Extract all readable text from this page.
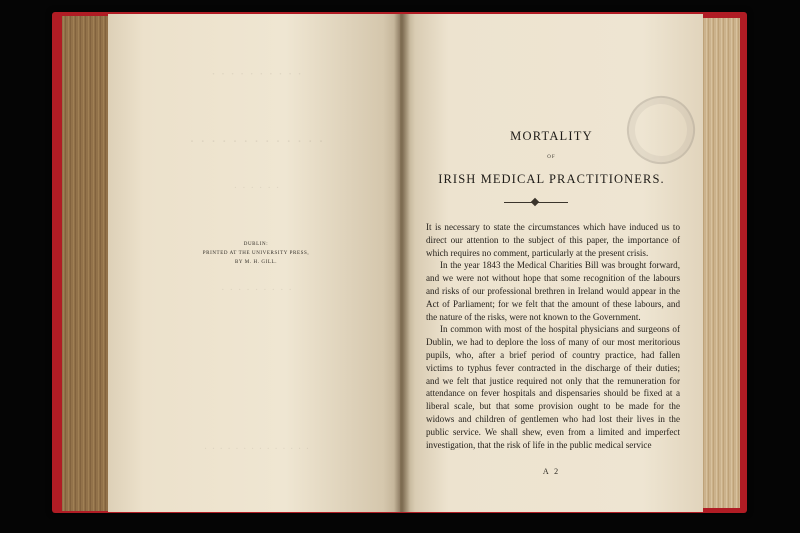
· · · · · · · · · ·
· · · · · · · · · · · · ·
· · · · · ·
· · · · · · · · ·
· · · · · · · · · · · · · ·
DUBLIN:
PRINTED AT THE UNIVERSITY PRESS,
BY M. H. GILL.
MORTALITY
OF
IRISH MEDICAL PRACTITIONERS.

It is necessary to state the circumstances which have induced us to direct our attention to the subject of this paper, the importance of which requires no comment, particularly at the present crisis.

In the year 1843 the Medical Charities Bill was brought forward, and we were not without hope that some recognition of the labours and risks of our professional brethren in Ireland would appear in the Act of Parliament; for we felt that the amount of these labours, and the nature of the risks, were not known to the Government.

In common with most of the hospital physicians and surgeons of Dublin, we had to deplore the loss of many of our most meritorious pupils, who, after a brief period of country practice, had fallen victims to typhus fever contracted in the discharge of their duties; and we felt that justice required not only that the remuneration for attendance on fever hospitals and dispensaries should be fixed at a liberal scale, but that some provision ought to be made for the widows and children of gentlemen who had lost their lives in the public service. We shall shew, even from a limited and imperfect investigation, that the risk of life in the public medical service

A 2
